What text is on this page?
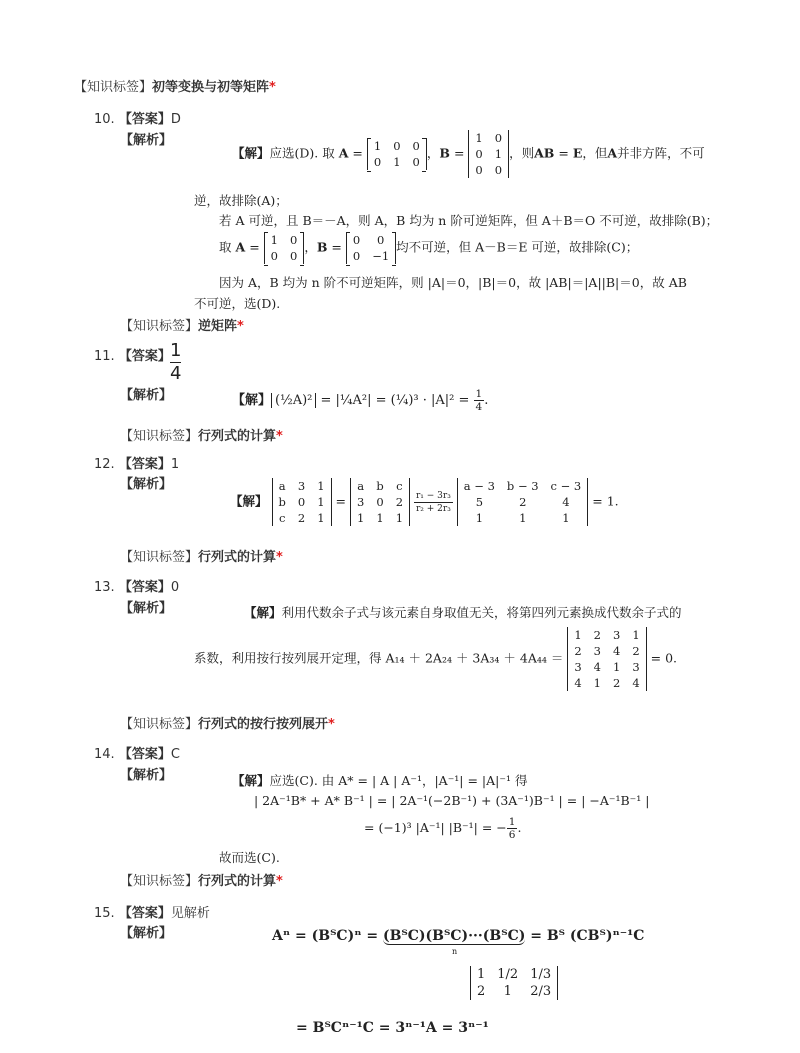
【知识标签】初等变换与初等矩阵*
10. 【答案】D
【解析】
【解】应选(D). 取 A = 1	0	0
0	1	0

，B =
1	0
0	1
0	0
，则AB = E，但A并非方阵，不可
逆，故排除(A)；
若 A 可逆，且 B＝－A，则 A，B 均为 n 阶可逆矩阵，但 A＋B＝O 不可逆，故排除(B)；
取 A = 1	0
0	0

，B = 0	0
0	−1

均不可逆，但 A－B＝E 可逆，故排除(C)；
因为 A，B 均为 n 阶不可逆矩阵，则 |A|＝0，|B|＝0，故 |AB|＝|A||B|＝0，故 AB
不可逆，选(D).
【知识标签】逆矩阵*
11. 【答案】 $\frac{1}{4}$
【解析】	【解】 (½A)² = |¼A²| = (¼)³ · $|A|^2 = \frac{1}{4}$ .
【知识标签】行列式的计算*
12. 【答案】1
【解析】
【解】
a	3	1
b	0	1
c	2	1
=
a	b	c
3	0	2
1	1	1

$\frac{\text{r₁ − 3r₃}}{\text{r₂ + 2r₃}}$

a − 3	b − 3	c − 3
5	2	4
1	1	1
= 1.
【知识标签】行列式的计算*
13. 【答案】0
【解析】	【解】利用代数余子式与该元素自身取值无关，将第四列元素换成代数余子式的
系数，利用按行按列展开定理，得 A₁₄ ＋ 2A₂₄ ＋ 3A₃₄ ＋ 4A₄₄ ＝
1	2	3	1
2	3	4	2
3	4	1	3
4	1	2	4
= 0.
【知识标签】行列式的按行按列展开*
14. 【答案】C
【解析】	【解】应选(C). 由 A* = | A | A⁻¹，|A⁻¹| = |A|⁻¹ 得
| 2A⁻¹B* + A* B⁻¹ | = | 2A⁻¹(−2B⁻¹) + (3A⁻¹)B⁻¹ | = | −A⁻¹B⁻¹ |
= (−1)³ |A⁻¹| |B⁻¹| = − $\frac{1}{6}$ .
故而选(C).
【知识标签】行列式的计算*
15. 【答案】见解析
【解析】	Aⁿ = (BᵀC)ⁿ = (BᵀC)(BᵀC)···(BᵀC) = Bᵀ (CBᵀ)ⁿ⁻¹C
n
= BᵀCⁿ⁻¹C = 3ⁿ⁻¹A = 3ⁿ⁻¹
1	1/2	1/3
2	1	2/3
